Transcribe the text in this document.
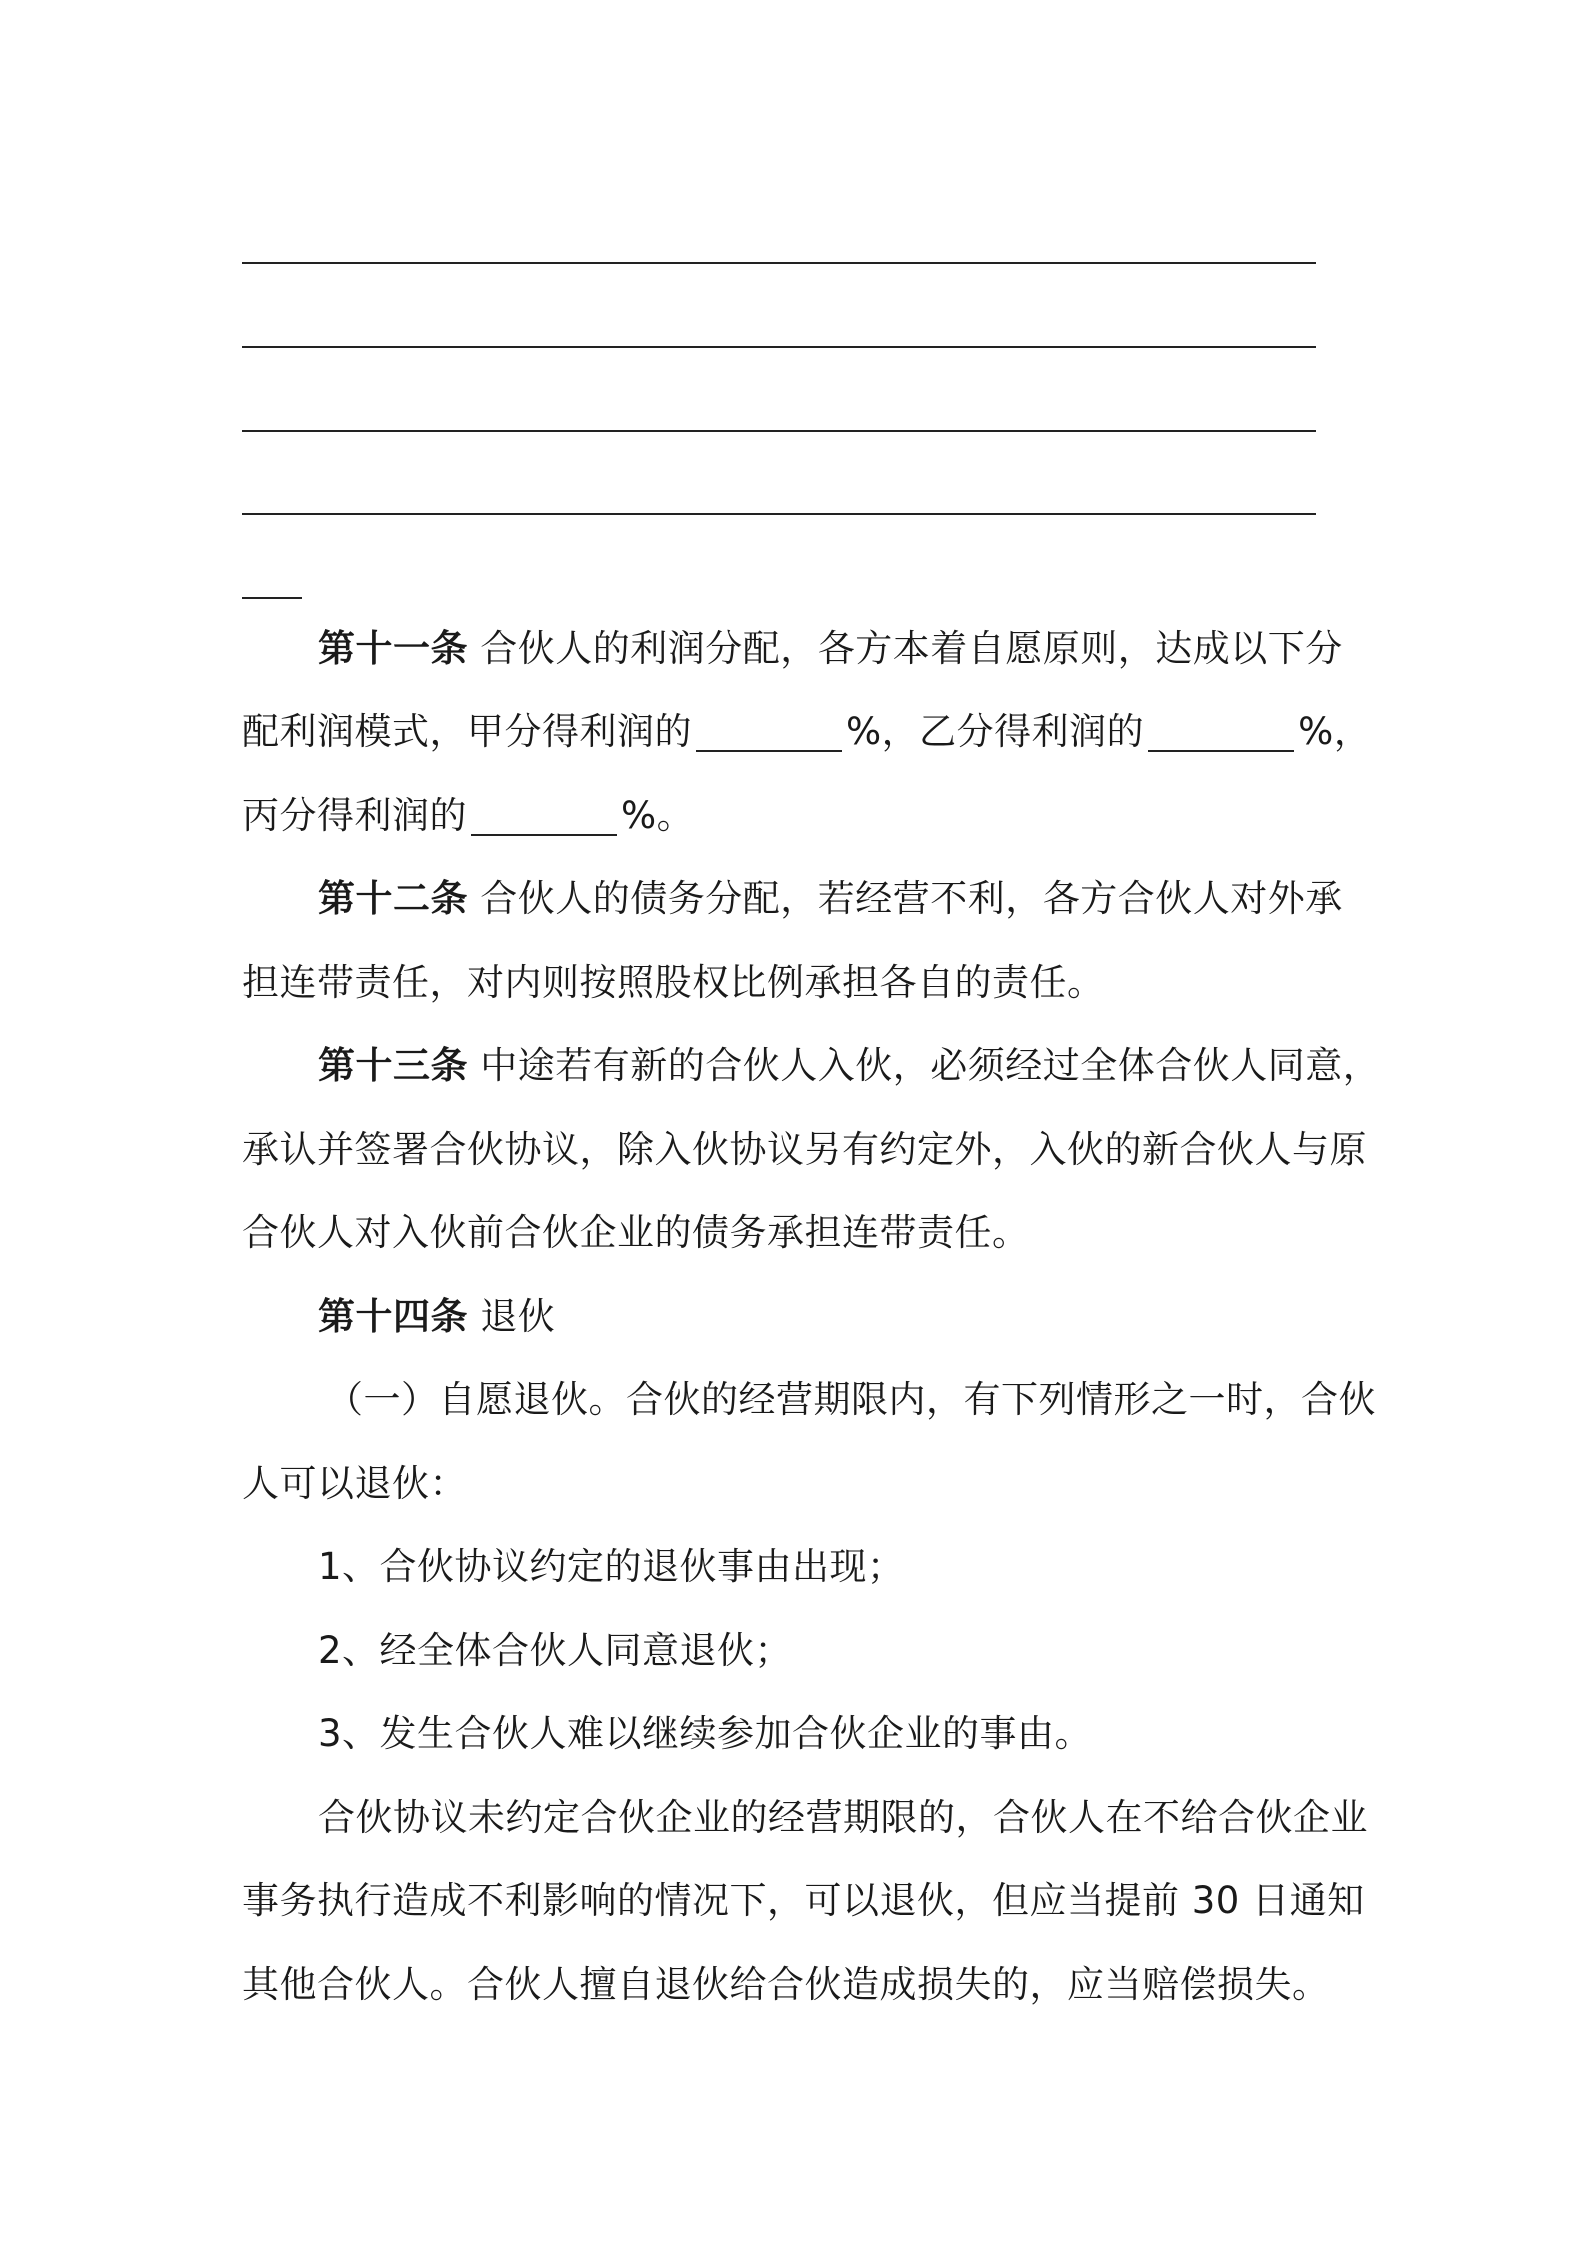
第十一条 合伙人的利润分配，各方本着自愿原则，达成以下分
配利润模式，甲分得利润的	%，乙分得利润的	%，
丙分得利润的	%。
第十二条 合伙人的债务分配，若经营不利，各方合伙人对外承
担连带责任，对内则按照股权比例承担各自的责任。
第十三条 中途若有新的合伙人入伙，必须经过全体合伙人同意，
承认并签署合伙协议，除入伙协议另有约定外，入伙的新合伙人与原
合伙人对入伙前合伙企业的债务承担连带责任。
第十四条 退伙
（一）自愿退伙。合伙的经营期限内，有下列情形之一时，合伙
人可以退伙：
1、合伙协议约定的退伙事由出现；
2、经全体合伙人同意退伙；
3、发生合伙人难以继续参加合伙企业的事由。
合伙协议未约定合伙企业的经营期限的，合伙人在不给合伙企业
事务执行造成不利影响的情况下，可以退伙，但应当提前 30 日通知
其他合伙人。合伙人擅自退伙给合伙造成损失的，应当赔偿损失。
